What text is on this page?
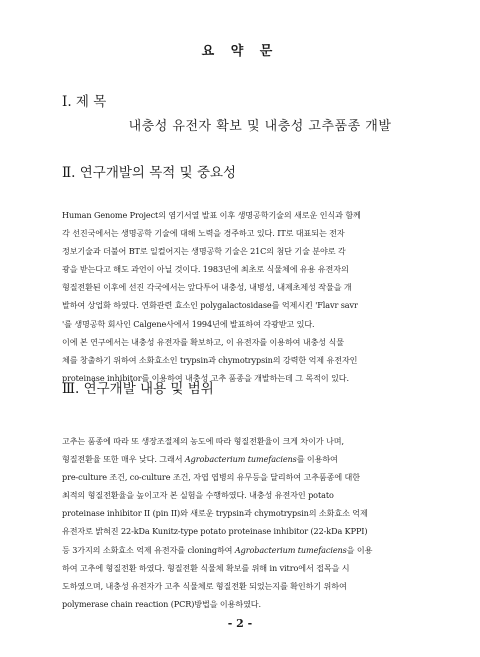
요 약 문
Ⅰ. 제 목
내충성 유전자 확보 및 내충성 고추품종 개발
Ⅱ. 연구개발의 목적 및 중요성
Human Genome Project의 염기서열 발표 이후 생명공학기술의 새로운 인식과 함께
각 선진국에서는 생명공학 기술에 대해 노력을 경주하고 있다. IT로 대표되는 전자
정보기술과 더불어 BT로 일컬어지는 생명공학 기술은 21C의 첨단 기술 분야로 각
광을 받는다고 해도 과언이 아닐 것이다. 1983년에 최초로 식물체에 유용 유전자의
형질전환된 이후에 선진 각국에서는 앞다투어 내충성, 내병성, 내제초제성 작물을 개
발하여 상업화 하였다. 연화관련 효소인 polygalactosidase를 억제시킨 'Flavr savr
'를 생명공학 회사인 Calgene사에서 1994년에 발표하여 각광받고 있다.
이에 본 연구에서는 내충성 유전자를 확보하고, 이 유전자를 이용하여 내충성 식물
체를 창출하기 위하여 소화효소인 trypsin과 chymotrypsin의 강력한 억제 유전자인
proteinase inhibitor를 이용하여 내충성 고추 품종을 개발하는데 그 목적이 있다.
Ⅲ. 연구개발 내용 및 범위
고추는 품종에 따라 또 생장조절제의 농도에 따라 형질전환율이 크게 차이가 나며,
형질전환율 또한 매우 낮다. 그래서 Agrobacterium tumefaciens를 이용하여
pre-culture 조건, co-culture 조건, 자엽 엽병의 유무등을 달리하여 고추품종에 대한
최적의 형질전환율을 높이고자 본 실험을 수행하였다. 내충성 유전자인 potato
proteinase inhibitor II (pin II)와 새로운 trypsin과 chymotrypsin의 소화효소 억제
유전자로 밝혀진 22-kDa Kunitz-type potato proteinase inhibitor (22-kDa KPPI)
등 3가지의 소화효소 억제 유전자를 cloning하여 Agrobacterium tumefaciens을 이용
하여 고추에 형질전환 하였다. 형질전환 식물체 확보를 위해 in vitro에서 접목을 시
도하였으며, 내충성 유전자가 고추 식물체로 형질전환 되었는지를 확인하기 위하여
polymerase chain reaction (PCR)방법을 이용하였다.
- 2 -
